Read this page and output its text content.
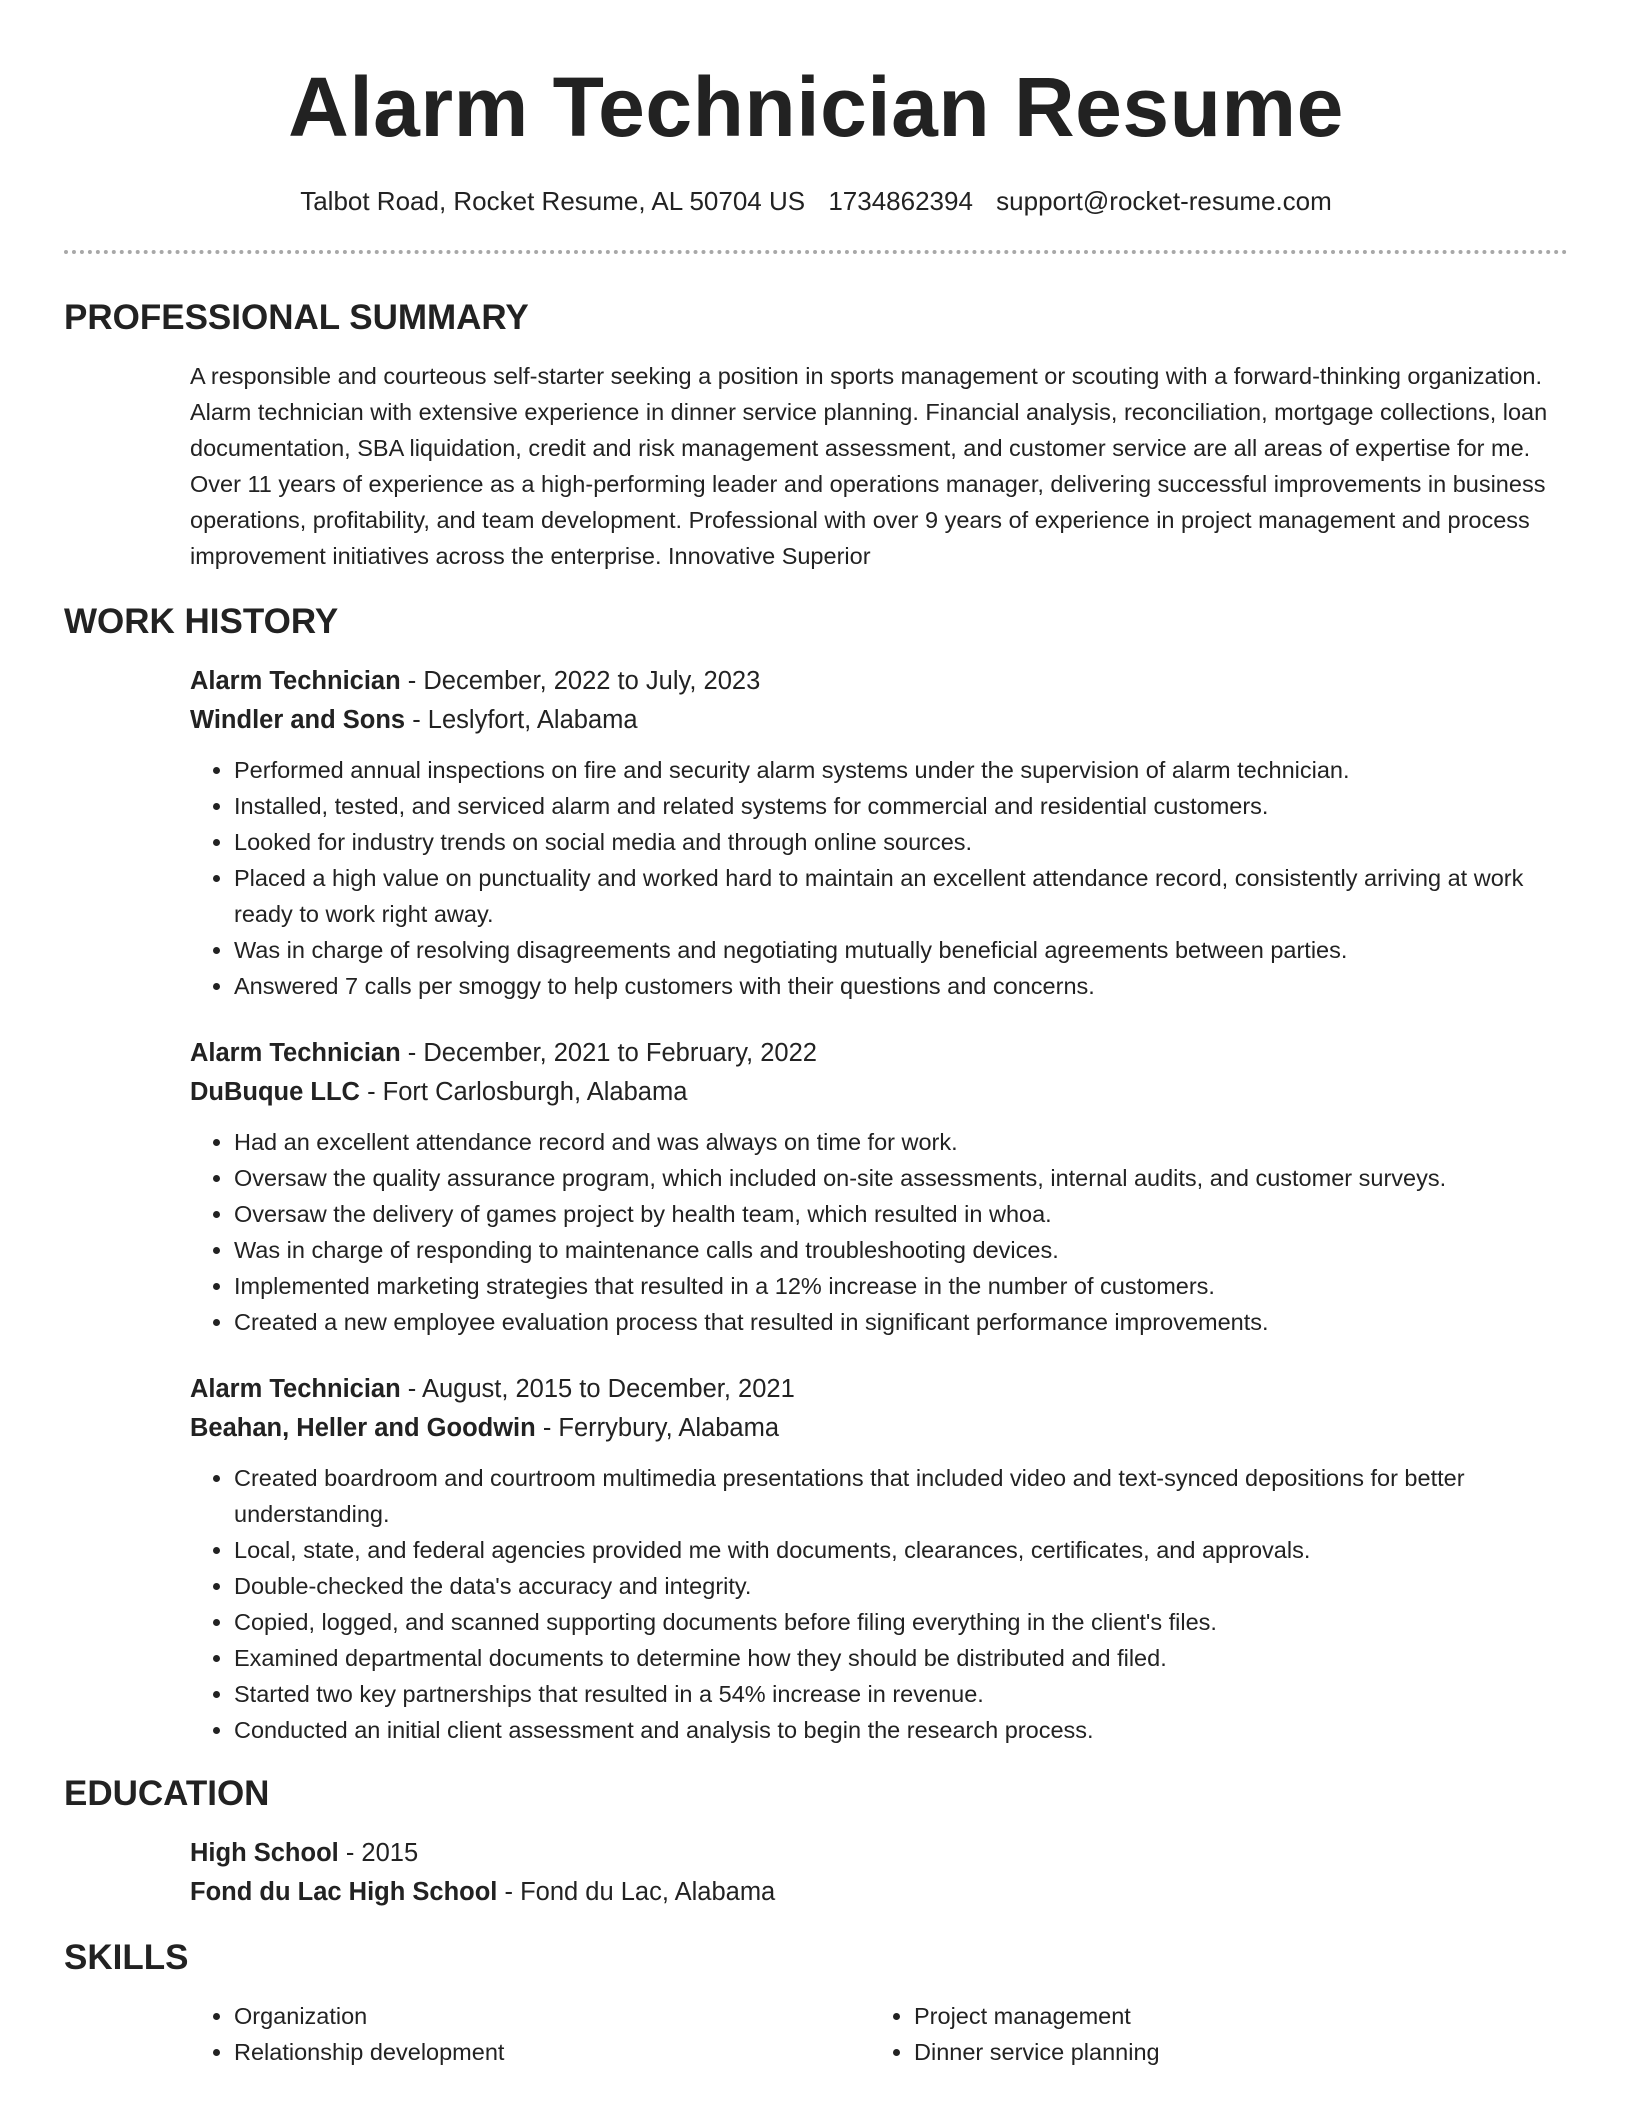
Alarm Technician Resume
Talbot Road, Rocket Resume, AL 50704 US 1734862394 support@rocket-resume.com
PROFESSIONAL SUMMARY

A responsible and courteous self-starter seeking a position in sports management or scouting with a forward-thinking organization. Alarm technician with extensive experience in dinner service planning. Financial analysis, reconciliation, mortgage collections, loan documentation, SBA liquidation, credit and risk management assessment, and customer service are all areas of expertise for me. Over 11 years of experience as a high-performing leader and operations manager, delivering successful improvements in business operations, profitability, and team development. Professional with over 9 years of experience in project management and process improvement initiatives across the enterprise. Innovative Superior

WORK HISTORY

Alarm Technician - December, 2022 to July, 2023

Windler and Sons - Leslyfort, Alabama

• Performed annual inspections on fire and security alarm systems under the supervision of alarm technician.
• Installed, tested, and serviced alarm and related systems for commercial and residential customers.
• Looked for industry trends on social media and through online sources.
• Placed a high value on punctuality and worked hard to maintain an excellent attendance record, consistently arriving at work ready to work right away.
• Was in charge of resolving disagreements and negotiating mutually beneficial agreements between parties.
• Answered 7 calls per smoggy to help customers with their questions and concerns.

Alarm Technician - December, 2021 to February, 2022

DuBuque LLC - Fort Carlosburgh, Alabama

• Had an excellent attendance record and was always on time for work.
• Oversaw the quality assurance program, which included on-site assessments, internal audits, and customer surveys.
• Oversaw the delivery of games project by health team, which resulted in whoa.
• Was in charge of responding to maintenance calls and troubleshooting devices.
• Implemented marketing strategies that resulted in a 12% increase in the number of customers.
• Created a new employee evaluation process that resulted in significant performance improvements.

Alarm Technician - August, 2015 to December, 2021

Beahan, Heller and Goodwin - Ferrybury, Alabama

• Created boardroom and courtroom multimedia presentations that included video and text-synced depositions for better understanding.
• Local, state, and federal agencies provided me with documents, clearances, certificates, and approvals.
• Double-checked the data's accuracy and integrity.
• Copied, logged, and scanned supporting documents before filing everything in the client's files.
• Examined departmental documents to determine how they should be distributed and filed.
• Started two key partnerships that resulted in a 54% increase in revenue.
• Conducted an initial client assessment and analysis to begin the research process.
EDUCATION

High School - 2015

Fond du Lac High School - Fond du Lac, Alabama

SKILLS
• Organization
• Relationship development
• Project management
• Dinner service planning
